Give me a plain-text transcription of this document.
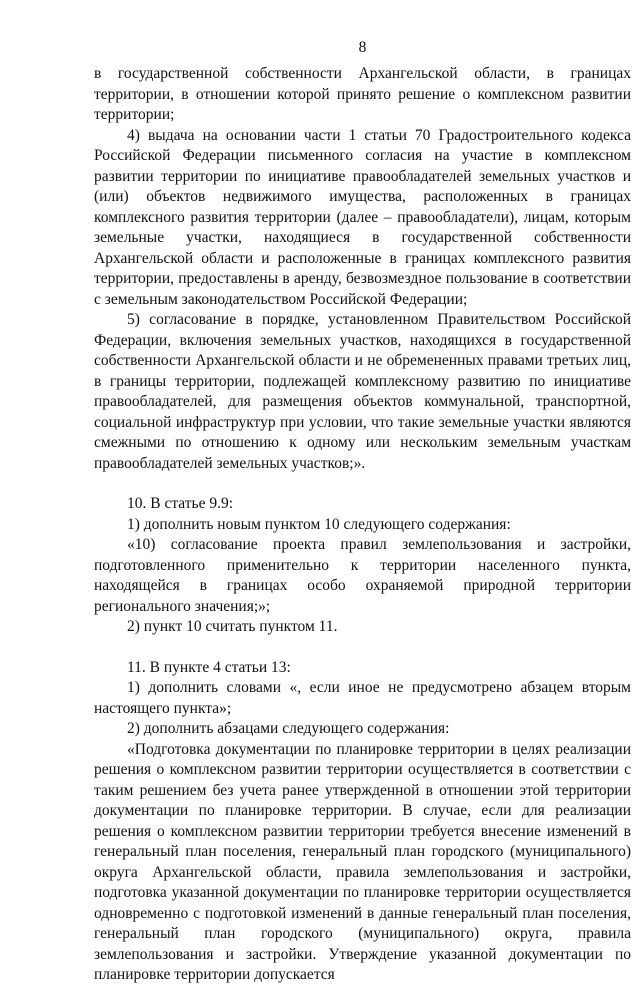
8

в государственной собственности Архангельской области, в границах территории, в отношении которой принято решение о комплексном развитии территории;

4) выдача на основании части 1 статьи 70 Градостроительного кодекса Российской Федерации письменного согласия на участие в комплексном развитии территории по инициативе правообладателей земельных участков и (или) объектов недвижимого имущества, расположенных в границах комплексного развития территории (далее – правообладатели), лицам, которым земельные участки, находящиеся в государственной собственности Архангельской области и расположенные в границах комплексного развития территории, предоставлены в аренду, безвозмездное пользование в соответствии с земельным законодательством Российской Федерации;

5) согласование в порядке, установленном Правительством Российской Федерации, включения земельных участков, находящихся в государственной собственности Архангельской области и не обремененных правами третьих лиц, в границы территории, подлежащей комплексному развитию по инициативе правообладателей, для размещения объектов коммунальной, транспортной, социальной инфраструктур при условии, что такие земельные участки являются смежными по отношению к одному или нескольким земельным участкам правообладателей земельных участков;».

10. В статье 9.9:

1) дополнить новым пунктом 10 следующего содержания:

«10) согласование проекта правил землепользования и застройки, подготовленного применительно к территории населенного пункта, находящейся в границах особо охраняемой природной территории регионального значения;»;

2) пункт 10 считать пунктом 11.

11. В пункте 4 статьи 13:

1) дополнить словами «, если иное не предусмотрено абзацем вторым настоящего пункта»;

2) дополнить абзацами следующего содержания:

«Подготовка документации по планировке территории в целях реализации решения о комплексном развитии территории осуществляется в соответствии с таким решением без учета ранее утвержденной в отношении этой территории документации по планировке территории. В случае, если для реализации решения о комплексном развитии территории требуется внесение изменений в генеральный план поселения, генеральный план городского (муниципального) округа Архангельской области, правила землепользования и застройки, подготовка указанной документации по планировке территории осуществляется одновременно с подготовкой изменений в данные генеральный план поселения, генеральный план городского (муниципального) округа, правила землепользования и застройки. Утверждение указанной документации по планировке территории допускается
